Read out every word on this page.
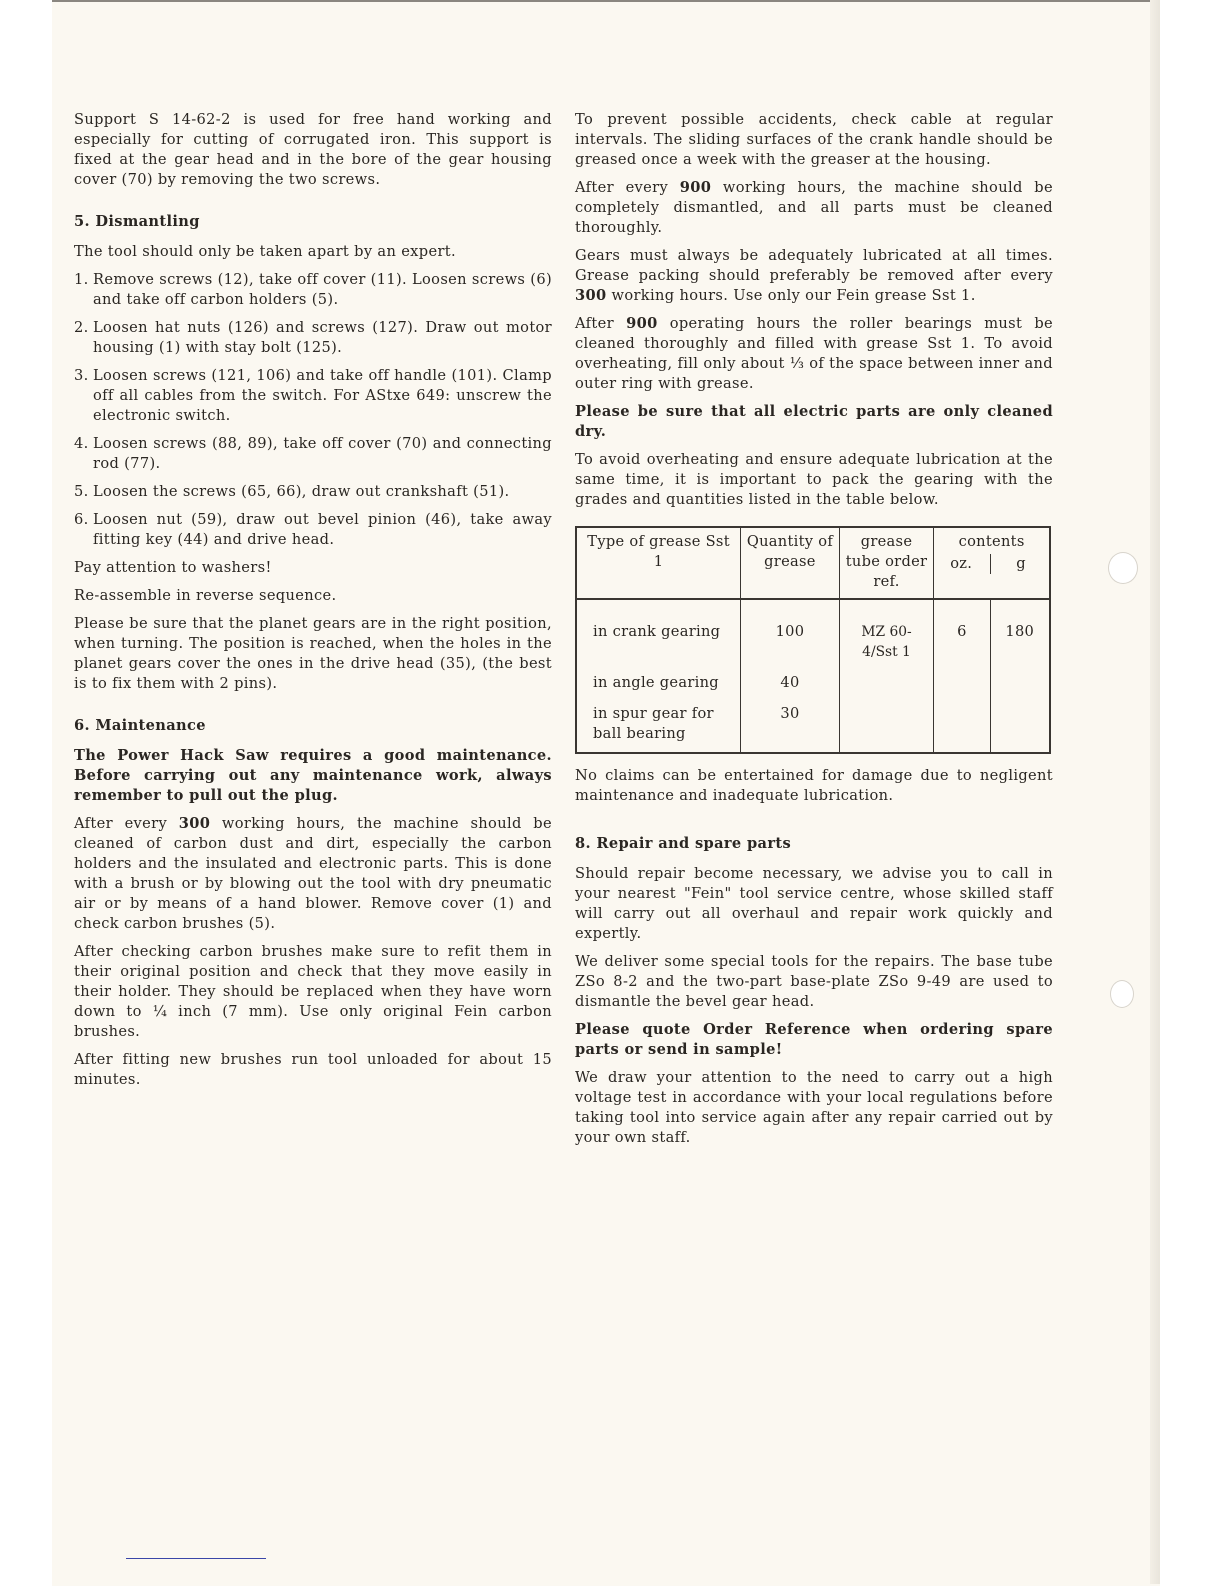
Support S 14-62-2 is used for free hand working and especially for cutting of corrugated iron. This support is fixed at the gear head and in the bore of the gear housing cover (70) by removing the two screws.

5. Dismantling

The tool should only be taken apart by an expert.

1. Remove screws (12), take off cover (11). Loosen screws (6) and take off carbon holders (5).
2. Loosen hat nuts (126) and screws (127). Draw out motor housing (1) with stay bolt (125).
3. Loosen screws (121, 106) and take off handle (101). Clamp off all cables from the switch. For AStxe 649: unscrew the electronic switch.
4. Loosen screws (88, 89), take off cover (70) and connecting rod (77).
5. Loosen the screws (65, 66), draw out crankshaft (51).
6. Loosen nut (59), draw out bevel pinion (46), take away fitting key (44) and drive head.

Pay attention to washers!

Re-assemble in reverse sequence.

Please be sure that the planet gears are in the right position, when turning. The position is reached, when the holes in the planet gears cover the ones in the drive head (35), (the best is to fix them with 2 pins).

6. Maintenance

The Power Hack Saw requires a good maintenance. Before carrying out any maintenance work, always remember to pull out the plug.

After every 300 working hours, the machine should be cleaned of carbon dust and dirt, especially the carbon holders and the insulated and electronic parts. This is done with a brush or by blowing out the tool with dry pneumatic air or by means of a hand blower. Remove cover (1) and check carbon brushes (5).

After checking carbon brushes make sure to refit them in their original position and check that they move easily in their holder. They should be replaced when they have worn down to ¼ inch (7 mm). Use only original Fein carbon brushes.

After fitting new brushes run tool unloaded for about 15 minutes.

To prevent possible accidents, check cable at regular intervals. The sliding surfaces of the crank handle should be greased once a week with the greaser at the housing.

After every 900 working hours, the machine should be completely dismantled, and all parts must be cleaned thoroughly.

Gears must always be adequately lubricated at all times. Grease packing should preferably be removed after every 300 working hours. Use only our Fein grease Sst 1.

After 900 operating hours the roller bearings must be cleaned thoroughly and filled with grease Sst 1. To avoid overheating, fill only about ⅓ of the space between inner and outer ring with grease.

Please be sure that all electric parts are only cleaned dry.

To avoid overheating and ensure adequate lubrication at the same time, it is important to pack the gearing with the grades and quantities listed in the table below.

Type of grease Sst 1	Quantity of grease	grease tube order ref.	contents
oz. g	

in crank gearing	100	MZ 60-4/Sst 1	6	180
in angle gearing	40			
in spur gear for ball bearing	30			

No claims can be entertained for damage due to negligent maintenance and inadequate lubrication.

8. Repair and spare parts

Should repair become necessary, we advise you to call in your nearest "Fein" tool service centre, whose skilled staff will carry out all overhaul and repair work quickly and expertly.

We deliver some special tools for the repairs. The base tube ZSo 8-2 and the two-part base-plate ZSo 9-49 are used to dismantle the bevel gear head.

Please quote Order Reference when ordering spare parts or send in sample!

We draw your attention to the need to carry out a high voltage test in accordance with your local regulations before taking tool into service again after any repair carried out by your own staff.
